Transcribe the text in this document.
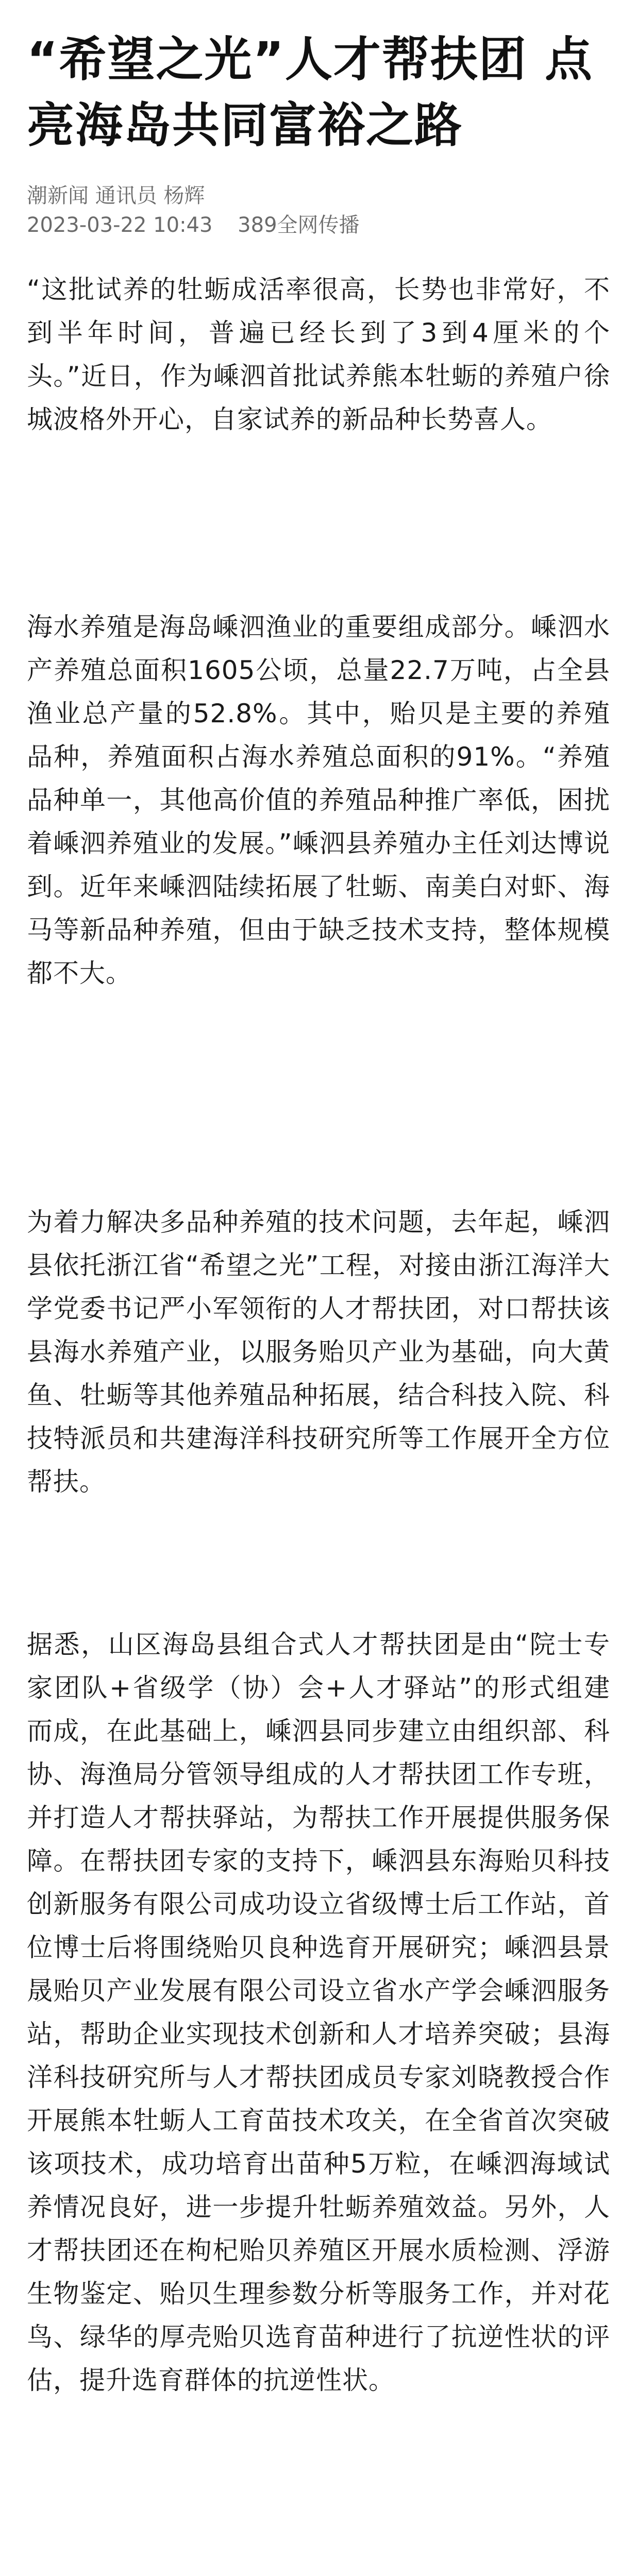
“希望之光”人才帮扶团 点亮海岛共同富裕之路
潮新闻 通讯员 杨辉
2023-03-22 10:43 389全网传播

“这批试养的牡蛎成活率很高，长势也非常好，不到半年时间，普遍已经长到了3到4厘米的个头。”近日，作为嵊泗首批试养熊本牡蛎的养殖户徐城波格外开心，自家试养的新品种长势喜人。

海水养殖是海岛嵊泗渔业的重要组成部分。嵊泗水产养殖总面积1605公顷，总量22.7万吨，占全县渔业总产量的52.8%。其中，贻贝是主要的养殖品种，养殖面积占海水养殖总面积的91%。“养殖品种单一，其他高价值的养殖品种推广率低，困扰着嵊泗养殖业的发展。”嵊泗县养殖办主任刘达博说到。近年来嵊泗陆续拓展了牡蛎、南美白对虾、海马等新品种养殖，但由于缺乏技术支持，整体规模都不大。

为着力解决多品种养殖的技术问题，去年起，嵊泗县依托浙江省“希望之光”工程，对接由浙江海洋大学党委书记严小军领衔的人才帮扶团，对口帮扶该县海水养殖产业，以服务贻贝产业为基础，向大黄鱼、牡蛎等其他养殖品种拓展，结合科技入院、科技特派员和共建海洋科技研究所等工作展开全方位帮扶。

据悉，山区海岛县组合式人才帮扶团是由“院士专家团队+省级学（协）会+人才驿站”的形式组建而成，在此基础上，嵊泗县同步建立由组织部、科协、海渔局分管领导组成的人才帮扶团工作专班，并打造人才帮扶驿站，为帮扶工作开展提供服务保障。在帮扶团专家的支持下，嵊泗县东海贻贝科技创新服务有限公司成功设立省级博士后工作站，首位博士后将围绕贻贝良种选育开展研究；嵊泗县景晟贻贝产业发展有限公司设立省水产学会嵊泗服务站，帮助企业实现技术创新和人才培养突破；县海洋科技研究所与人才帮扶团成员专家刘晓教授合作开展熊本牡蛎人工育苗技术攻关，在全省首次突破该项技术，成功培育出苗种5万粒，在嵊泗海域试养情况良好，进一步提升牡蛎养殖效益。另外，人才帮扶团还在枸杞贻贝养殖区开展水质检测、浮游生物鉴定、贻贝生理参数分析等服务工作，并对花鸟、绿华的厚壳贻贝选育苗种进行了抗逆性状的评估，提升选育群体的抗逆性状。
